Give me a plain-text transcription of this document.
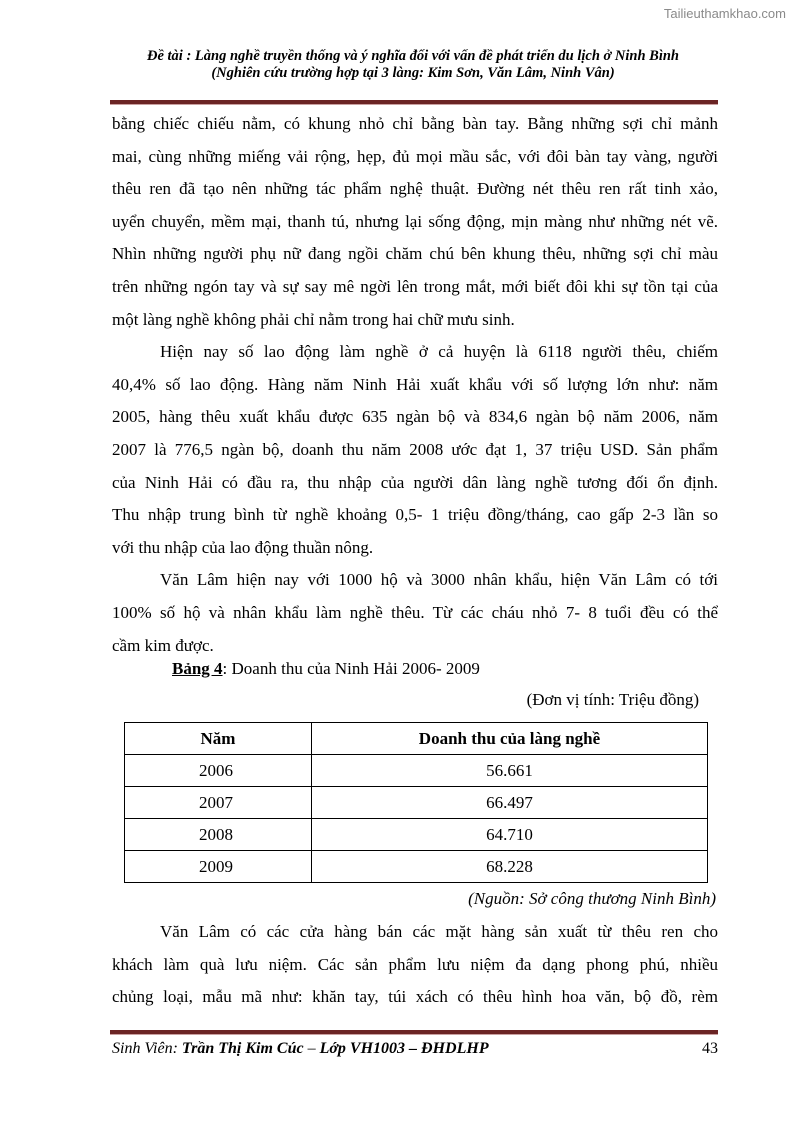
Tailieuthamkhao.com
Đề tài : Làng nghề truyền thống và ý nghĩa đối với vấn đề phát triển du lịch ở Ninh Bình
(Nghiên cứu trường hợp tại 3 làng: Kim Sơn, Văn Lâm, Ninh Vân)
bằng chiếc chiếu nằm, có khung nhỏ chỉ bằng bàn tay. Bằng những sợi chỉ mảnh
mai, cùng những miếng vải rộng, hẹp, đủ mọi mầu sắc, với đôi bàn tay vàng, người
thêu ren đã tạo nên những tác phẩm nghệ thuật. Đường nét thêu ren rất tinh xảo,
uyển chuyển, mềm mại, thanh tú, nhưng lại sống động, mịn màng như những nét vẽ.
Nhìn những người phụ nữ đang ngồi chăm chú bên khung thêu, những sợi chỉ màu
trên những ngón tay và sự say mê ngời lên trong mắt, mới biết đôi khi sự tồn tại của
một làng nghề không phải chỉ nằm trong hai chữ mưu sinh.
Hiện nay số lao động làm nghề ở cả huyện là 6118 người thêu, chiếm
40,4% số lao động. Hàng năm Ninh Hải xuất khẩu với số lượng lớn như: năm
2005, hàng thêu xuất khẩu được 635 ngàn bộ và 834,6 ngàn bộ năm 2006, năm
2007 là 776,5 ngàn bộ, doanh thu năm 2008 ước đạt 1, 37 triệu USD. Sản phẩm
của Ninh Hải có đầu ra, thu nhập của người dân làng nghề tương đối ổn định.
Thu nhập trung bình từ nghề khoảng 0,5- 1 triệu đồng/tháng, cao gấp 2-3 lần so
với thu nhập của lao động thuần nông.
Văn Lâm hiện nay với 1000 hộ và 3000 nhân khẩu, hiện Văn Lâm có tới
100% số hộ và nhân khẩu làm nghề thêu. Từ các cháu nhỏ 7- 8 tuổi đều có thể
cầm kim được.
Bảng 4: Doanh thu của Ninh Hải 2006- 2009
(Đơn vị tính: Triệu đồng)
Năm	Doanh thu của làng nghề
2006	56.661
2007	66.497
2008	64.710
2009	68.228
(Nguồn: Sở công thương Ninh Bình)
Văn Lâm có các cửa hàng bán các mặt hàng sản xuất từ thêu ren cho
khách làm quà lưu niệm. Các sản phẩm lưu niệm đa dạng phong phú, nhiều
chủng loại, mẫu mã như: khăn tay, túi xách có thêu hình hoa văn, bộ đồ, rèm
Sinh Viên: Trần Thị Kim Cúc – Lớp VH1003 – ĐHDLHP	43
